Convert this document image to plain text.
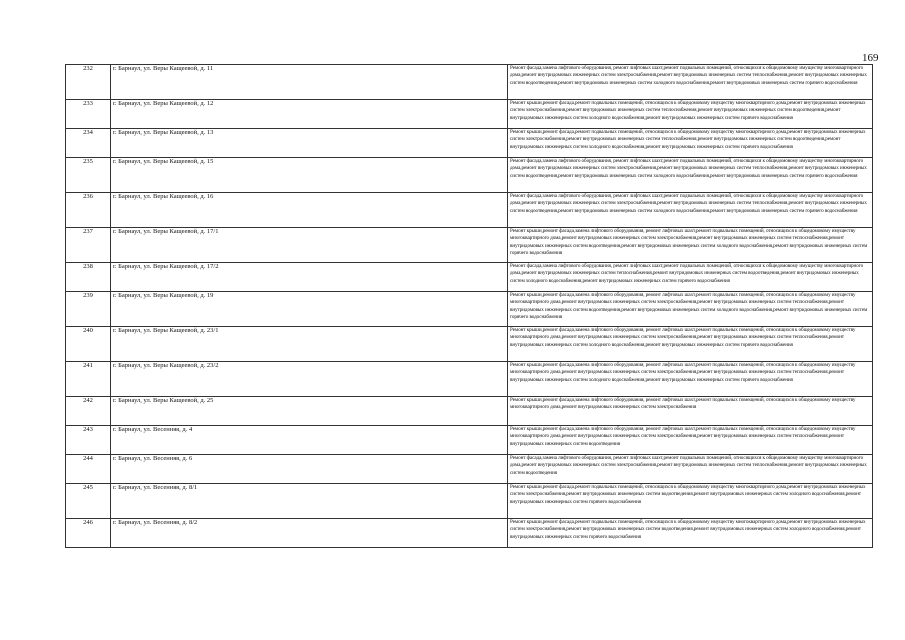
169
232	г. Барнаул, ул. Веры Кащеевой, д. 11	Ремонт фасада,замена лифтового оборудования, ремонт лифтовых шахт,ремонт подвальных помещений, относящихся к общедомовому имуществу многоквартирного дома,ремонт внутридомовых инженерных систем электроснабжения,ремонт внутридомовых инженерных систем теплоснабжения,ремонт внутридомовых инженерных систем водоотведения,ремонт внутридомовых инженерных систем холодного водоснабжения,ремонт внутридомовых инженерных систем горячего водоснабжения
233	г. Барнаул, ул. Веры Кащеевой, д. 12	Ремонт крыши,ремонт фасада,ремонт подвальных помещений, относящихся к общедомовому имуществу многоквартирного дома,ремонт внутридомовых инженерных систем электроснабжения,ремонт внутридомовых инженерных систем теплоснабжения,ремонт внутридомовых инженерных систем водоотведения,ремонт внутридомовых инженерных систем холодного водоснабжения,ремонт внутридомовых инженерных систем горячего водоснабжения
234	г. Барнаул, ул. Веры Кащеевой, д. 13	Ремонт крыши,ремонт фасада,ремонт подвальных помещений, относящихся к общедомовому имуществу многоквартирного дома,ремонт внутридомовых инженерных систем электроснабжения,ремонт внутридомовых инженерных систем теплоснабжения,ремонт внутридомовых инженерных систем водоотведения,ремонт внутридомовых инженерных систем холодного водоснабжения,ремонт внутридомовых инженерных систем горячего водоснабжения
235	г. Барнаул, ул. Веры Кащеевой, д. 15	Ремонт фасада,замена лифтового оборудования, ремонт лифтовых шахт,ремонт подвальных помещений, относящихся к общедомовому имуществу многоквартирного дома,ремонт внутридомовых инженерных систем электроснабжения,ремонт внутридомовых инженерных систем теплоснабжения,ремонт внутридомовых инженерных систем водоотведения,ремонт внутридомовых инженерных систем холодного водоснабжения,ремонт внутридомовых инженерных систем горячего водоснабжения
236	г. Барнаул, ул. Веры Кащеевой, д. 16	Ремонт фасада,замена лифтового оборудования, ремонт лифтовых шахт,ремонт подвальных помещений, относящихся к общедомовому имуществу многоквартирного дома,ремонт внутридомовых инженерных систем электроснабжения,ремонт внутридомовых инженерных систем теплоснабжения,ремонт внутридомовых инженерных систем водоотведения,ремонт внутридомовых инженерных систем холодного водоснабжения,ремонт внутридомовых инженерных систем горячего водоснабжения
237	г. Барнаул, ул. Веры Кащеевой, д. 17/1	Ремонт крыши,ремонт фасада,замена лифтового оборудования, ремонт лифтовых шахт,ремонт подвальных помещений, относящихся к общедомовому имуществу многоквартирного дома,ремонт внутридомовых инженерных систем электроснабжения,ремонт внутридомовых инженерных систем теплоснабжения,ремонт внутридомовых инженерных систем водоотведения,ремонт внутридомовых инженерных систем холодного водоснабжения,ремонт внутридомовых инженерных систем горячего водоснабжения
238	г. Барнаул, ул. Веры Кащеевой, д. 17/2	Ремонт фасада,замена лифтового оборудования, ремонт лифтовых шахт,ремонт подвальных помещений, относящихся к общедомовому имуществу многоквартирного дома,ремонт внутридомовых инженерных систем теплоснабжения,ремонт внутридомовых инженерных систем водоотведения,ремонт внутридомовых инженерных систем холодного водоснабжения,ремонт внутридомовых инженерных систем горячего водоснабжения
239	г. Барнаул, ул. Веры Кащеевой, д. 19	Ремонт крыши,ремонт фасада,замена лифтового оборудования, ремонт лифтовых шахт,ремонт подвальных помещений, относящихся к общедомовому имуществу многоквартирного дома,ремонт внутридомовых инженерных систем электроснабжения,ремонт внутридомовых инженерных систем теплоснабжения,ремонт внутридомовых инженерных систем водоотведения,ремонт внутридомовых инженерных систем холодного водоснабжения,ремонт внутридомовых инженерных систем горячего водоснабжения
240	г. Барнаул, ул. Веры Кащеевой, д. 23/1	Ремонт крыши,ремонт фасада,замена лифтового оборудования, ремонт лифтовых шахт,ремонт подвальных помещений, относящихся к общедомовому имуществу многоквартирного дома,ремонт внутридомовых инженерных систем электроснабжения,ремонт внутридомовых инженерных систем теплоснабжения,ремонт внутридомовых инженерных систем холодного водоснабжения,ремонт внутридомовых инженерных систем горячего водоснабжения
241	г. Барнаул, ул. Веры Кащеевой, д. 23/2	Ремонт крыши,ремонт фасада,замена лифтового оборудования, ремонт лифтовых шахт,ремонт подвальных помещений, относящихся к общедомовому имуществу многоквартирного дома,ремонт внутридомовых инженерных систем электроснабжения,ремонт внутридомовых инженерных систем теплоснабжения,ремонт внутридомовых инженерных систем холодного водоснабжения,ремонт внутридомовых инженерных систем горячего водоснабжения
242	г. Барнаул, ул. Веры Кащеевой, д. 25	Ремонт крыши,ремонт фасада,замена лифтового оборудования, ремонт лифтовых шахт,ремонт подвальных помещений, относящихся к общедомовому имуществу многоквартирного дома,ремонт внутридомовых инженерных систем электроснабжения
243	г. Барнаул, ул. Весенняя, д. 4	Ремонт крыши,ремонт фасада,замена лифтового оборудования, ремонт лифтовых шахт,ремонт подвальных помещений, относящихся к общедомовому имуществу многоквартирного дома,ремонт внутридомовых инженерных систем электроснабжения,ремонт внутридомовых инженерных систем теплоснабжения,ремонт внутридомовых инженерных систем водоотведения
244	г. Барнаул, ул. Весенняя, д. 6	Ремонт фасада,замена лифтового оборудования, ремонт лифтовых шахт,ремонт подвальных помещений, относящихся к общедомовому имуществу многоквартирного дома,ремонт внутридомовых инженерных систем электроснабжения,ремонт внутридомовых инженерных систем теплоснабжения,ремонт внутридомовых инженерных систем водоотведения
245	г. Барнаул, ул. Весенняя, д. 8/1	Ремонт крыши,ремонт фасада,ремонт подвальных помещений, относящихся к общедомовому имуществу многоквартирного дома,ремонт внутридомовых инженерных систем электроснабжения,ремонт внутридомовых инженерных систем водоотведения,ремонт внутридомовых инженерных систем холодного водоснабжения,ремонт внутридомовых инженерных систем горячего водоснабжения
246	г. Барнаул, ул. Весенняя, д. 8/2	Ремонт крыши,ремонт фасада,ремонт подвальных помещений, относящихся к общедомовому имуществу многоквартирного дома,ремонт внутридомовых инженерных систем электроснабжения,ремонт внутридомовых инженерных систем водоотведения,ремонт внутридомовых инженерных систем холодного водоснабжения,ремонт внутридомовых инженерных систем горячего водоснабжения
